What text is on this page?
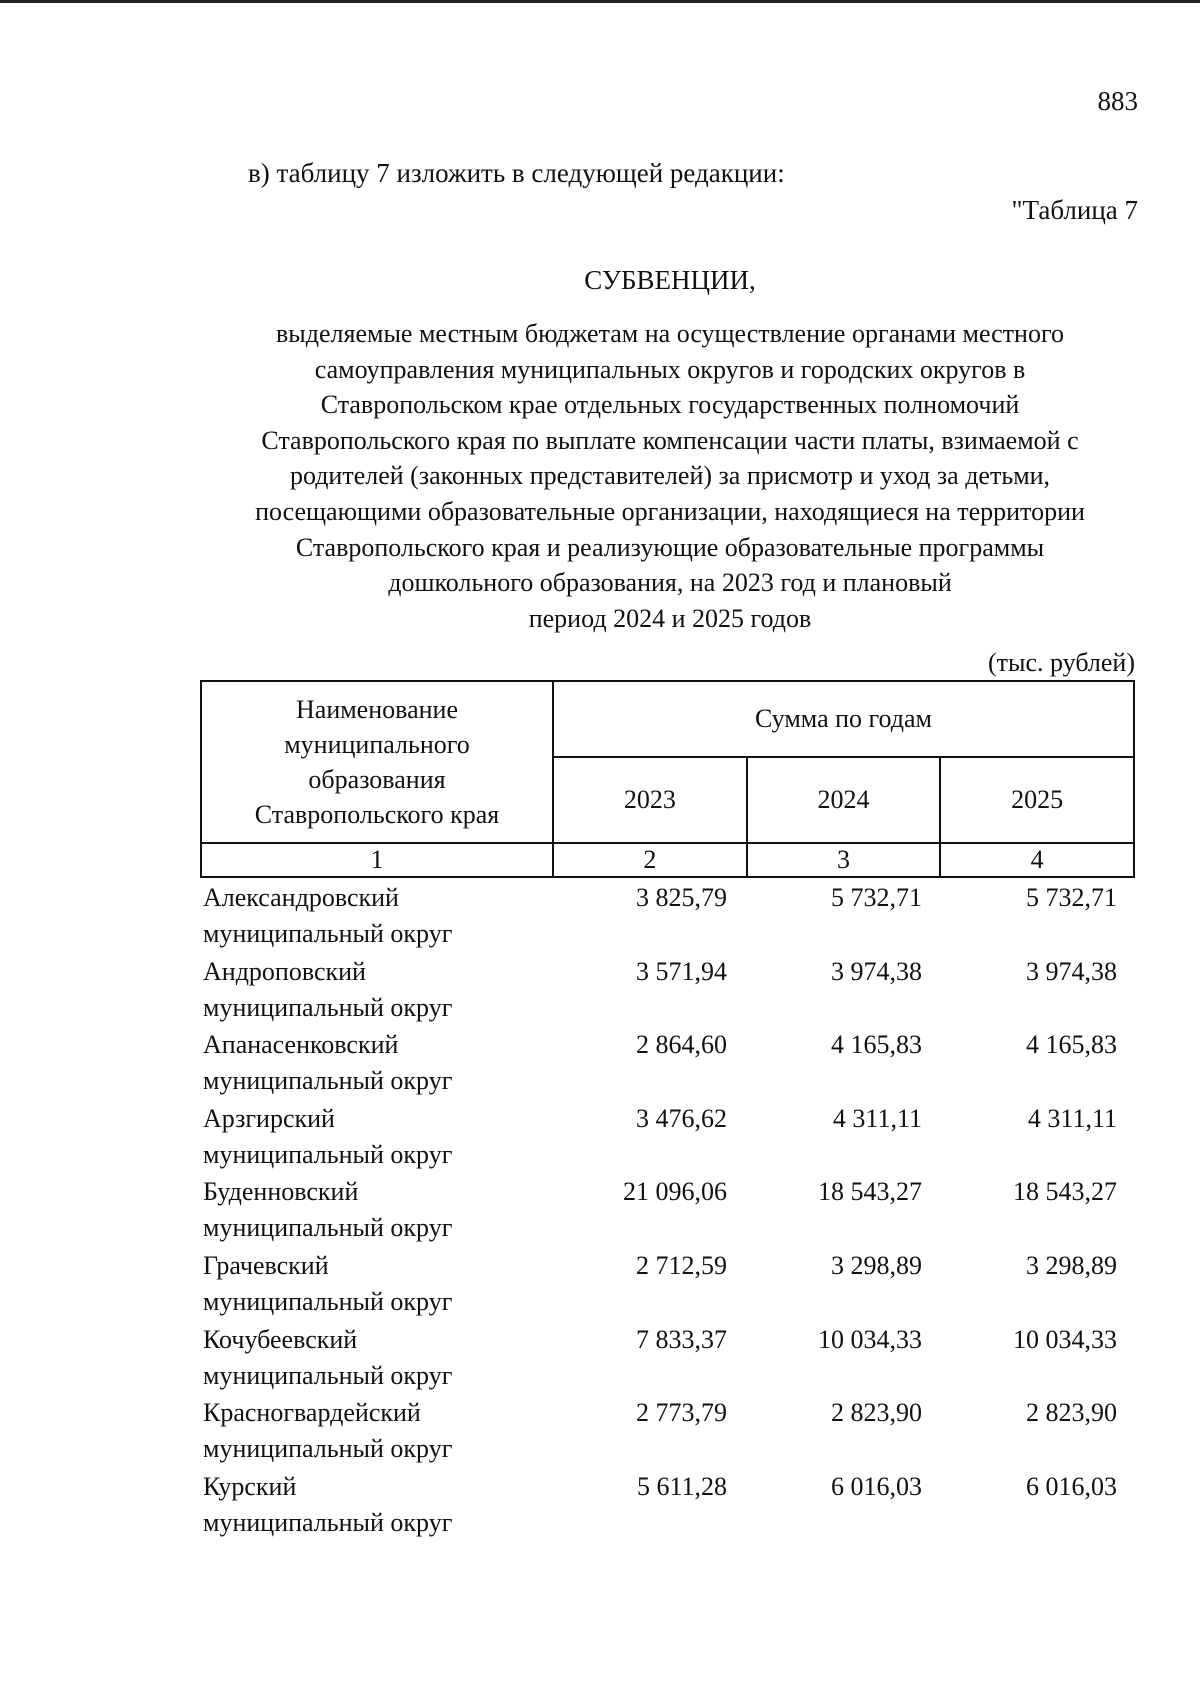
883
в) таблицу 7 изложить в следующей редакции:
"Таблица 7
СУБВЕНЦИИ,
выделяемые местным бюджетам на осуществление органами местного
самоуправления муниципальных округов и городских округов в
Ставропольском крае отдельных государственных полномочий
Ставропольского края по выплате компенсации части платы, взимаемой с
родителей (законных представителей) за присмотр и уход за детьми,
посещающими образовательные организации, находящиеся на территории
Ставропольского края и реализующие образовательные программы
дошкольного образования, на 2023 год и плановый
период 2024 и 2025 годов
(тыс. рублей)
Наименование
муниципального
образования
Ставропольского края	Сумма по годам		
	2023	2024	2025
1	2	3	4
Александровский
муниципальный округ
3 825,79	5 732,71	5 732,71
Андроповский
муниципальный округ
3 571,94	3 974,38	3 974,38
Апанасенковский
муниципальный округ
2 864,60	4 165,83	4 165,83
Арзгирский
муниципальный округ
3 476,62	4 311,11	4 311,11
Буденновский
муниципальный округ
21 096,06	18 543,27	18 543,27
Грачевский
муниципальный округ
2 712,59	3 298,89	3 298,89
Кочубеевский
муниципальный округ
7 833,37	10 034,33	10 034,33
Красногвардейский
муниципальный округ
2 773,79	2 823,90	2 823,90
Курский
муниципальный округ
5 611,28	6 016,03	6 016,03
